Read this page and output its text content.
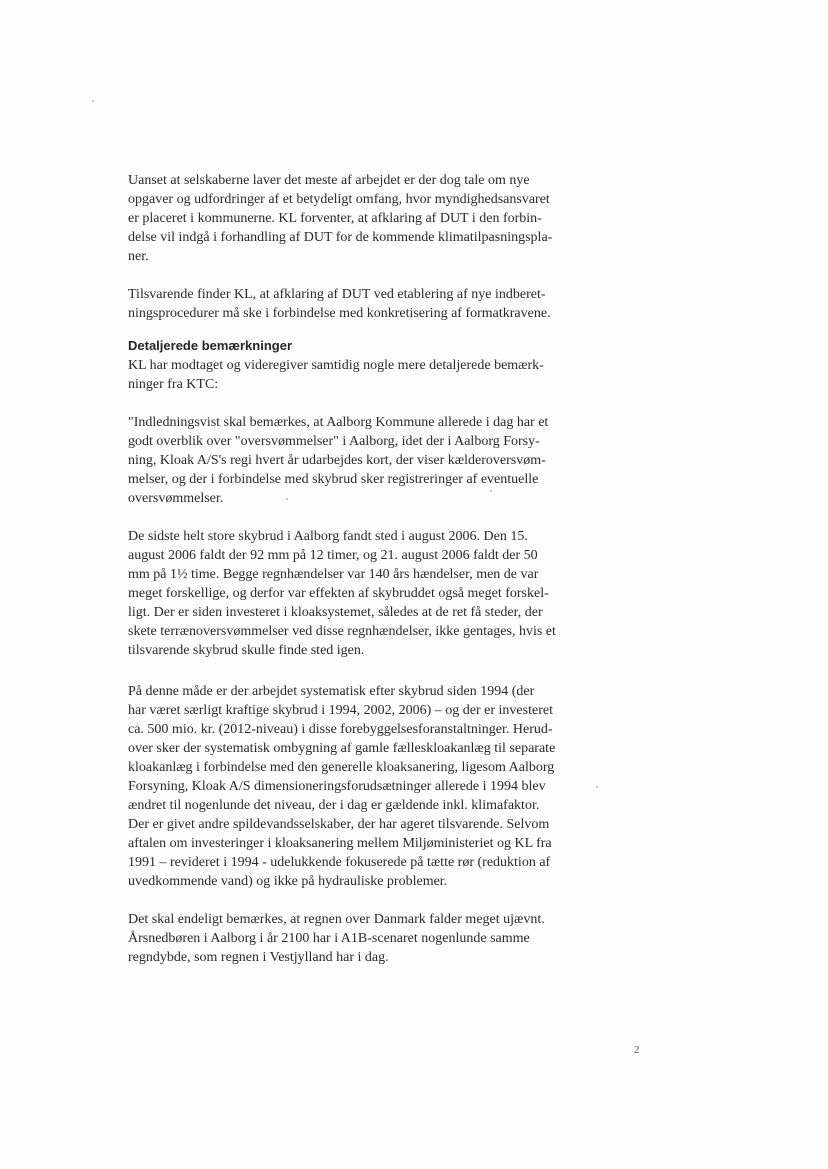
Uanset at selskaberne laver det meste af arbejdet er der dog tale om nye
opgaver og udfordringer af et betydeligt omfang, hvor myndighedsansvaret
er placeret i kommunerne. KL forventer, at afklaring af DUT i den forbin-
delse vil indgå i forhandling af DUT for de kommende klimatilpasningspla-
ner.

Tilsvarende finder KL, at afklaring af DUT ved etablering af nye indberet-
ningsprocedurer må ske i forbindelse med konkretisering af formatkravene.

Detaljerede bemærkninger

KL har modtaget og videregiver samtidig nogle mere detaljerede bemærk-
ninger fra KTC:

"Indledningsvist skal bemærkes, at Aalborg Kommune allerede i dag har et
godt overblik over "oversvømmelser" i Aalborg, idet der i Aalborg Forsy-
ning, Kloak A/S's regi hvert år udarbejdes kort, der viser kælderoversvøm-
melser, og der i forbindelse med skybrud sker registreringer af eventuelle
oversvømmelser.

De sidste helt store skybrud i Aalborg fandt sted i august 2006. Den 15.
august 2006 faldt der 92 mm på 12 timer, og 21. august 2006 faldt der 50
mm på 1½ time. Begge regnhændelser var 140 års hændelser, men de var
meget forskellige, og derfor var effekten af skybruddet også meget forskel-
ligt. Der er siden investeret i kloaksystemet, således at de ret få steder, der
skete terrænoversvømmelser ved disse regnhændelser, ikke gentages, hvis et
tilsvarende skybrud skulle finde sted igen.

På denne måde er der arbejdet systematisk efter skybrud siden 1994 (der
har været særligt kraftige skybrud i 1994, 2002, 2006) – og der er investeret
ca. 500 mio. kr. (2012-niveau) i disse forebyggelsesforanstaltninger. Herud-
over sker der systematisk ombygning af gamle fælleskloakanlæg til separate
kloakanlæg i forbindelse med den generelle kloaksanering, ligesom Aalborg
Forsyning, Kloak A/S dimensioneringsforudsætninger allerede i 1994 blev
ændret til nogenlunde det niveau, der i dag er gældende inkl. klimafaktor.
Der er givet andre spildevandsselskaber, der har ageret tilsvarende. Selvom
aftalen om investeringer i kloaksanering mellem Miljøministeriet og KL fra
1991 – revideret i 1994 - udelukkende fokuserede på tætte rør (reduktion af
uvedkommende vand) og ikke på hydrauliske problemer.

Det skal endeligt bemærkes, at regnen over Danmark falder meget ujævnt.
Årsnedbøren i Aalborg i år 2100 har i A1B-scenaret nogenlunde samme
regndybde, som regnen i Vestjylland har i dag.

2
